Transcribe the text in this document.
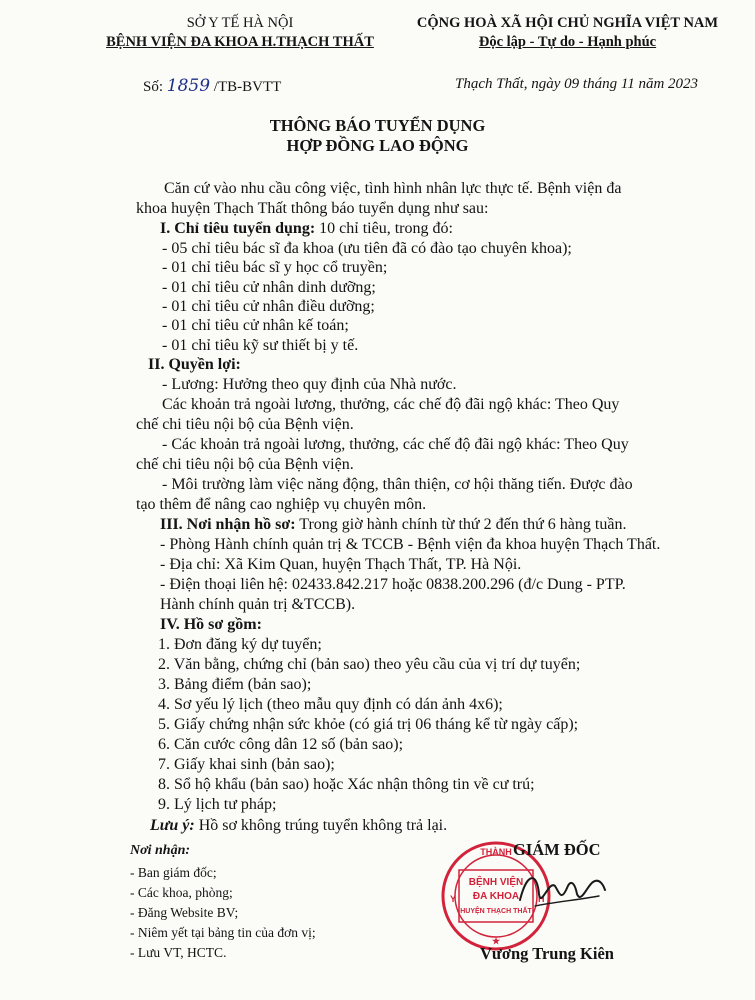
SỞ Y TẾ HÀ NỘI
BỆNH VIỆN ĐA KHOA H.THẠCH THẤT
CỘNG HOÀ XÃ HỘI CHỦ NGHĨA VIỆT NAM
Độc lập - Tự do - Hạnh phúc
Số: 1859 /TB-BVTT	Thạch Thất, ngày 09 tháng 11 năm 2023
THÔNG BÁO TUYỂN DỤNG
HỢP ĐỒNG LAO ĐỘNG
Căn cứ vào nhu cầu công việc, tình hình nhân lực thực tế. Bệnh viện đa
khoa huyện Thạch Thất thông báo tuyển dụng như sau:
I. Chỉ tiêu tuyển dụng: 10 chỉ tiêu, trong đó:
- 05 chỉ tiêu bác sĩ đa khoa (ưu tiên đã có đào tạo chuyên khoa);
- 01 chỉ tiêu bác sĩ y học cổ truyền;
- 01 chỉ tiêu cử nhân dinh dưỡng;
- 01 chỉ tiêu cử nhân điều dưỡng;
- 01 chỉ tiêu cử nhân kế toán;
- 01 chỉ tiêu kỹ sư thiết bị y tế.
II. Quyền lợi:
- Lương: Hưởng theo quy định của Nhà nước.
Các khoản trả ngoài lương, thưởng, các chế độ đãi ngộ khác: Theo Quy
chế chi tiêu nội bộ của Bệnh viện.
- Các khoản trả ngoài lương, thưởng, các chế độ đãi ngộ khác: Theo Quy
chế chi tiêu nội bộ của Bệnh viện.
- Môi trường làm việc năng động, thân thiện, cơ hội thăng tiến. Được đào
tạo thêm để nâng cao nghiệp vụ chuyên môn.
III. Nơi nhận hồ sơ: Trong giờ hành chính từ thứ 2 đến thứ 6 hàng tuần.
- Phòng Hành chính quản trị & TCCB - Bệnh viện đa khoa huyện Thạch Thất.
- Địa chỉ: Xã Kim Quan, huyện Thạch Thất, TP. Hà Nội.
- Điện thoại liên hệ: 02433.842.217 hoặc 0838.200.296 (đ/c Dung - PTP.
Hành chính quản trị &TCCB).
IV. Hồ sơ gồm:
1. Đơn đăng ký dự tuyển;
2. Văn bằng, chứng chỉ (bản sao) theo yêu cầu của vị trí dự tuyển;
3. Bảng điểm (bản sao);
4. Sơ yếu lý lịch (theo mẫu quy định có dán ảnh 4x6);
5. Giấy chứng nhận sức khỏe (có giá trị 06 tháng kể từ ngày cấp);
6. Căn cước công dân 12 số (bản sao);
7. Giấy khai sinh (bản sao);
8. Sổ hộ khẩu (bản sao) hoặc Xác nhận thông tin về cư trú;
9. Lý lịch tư pháp;
Lưu ý: Hồ sơ không trúng tuyển không trả lại.
Nơi nhận:
- Ban giám đốc;
- Các khoa, phòng;
- Đăng Website BV;
- Niêm yết tại bảng tin của đơn vị;
- Lưu VT, HCTC.
THÀNH
BỆNH VIỆN
ĐA KHOA
HUYỆN THẠCH THẤT
Y	H
★
GIÁM ĐỐC
Vương Trung Kiên
